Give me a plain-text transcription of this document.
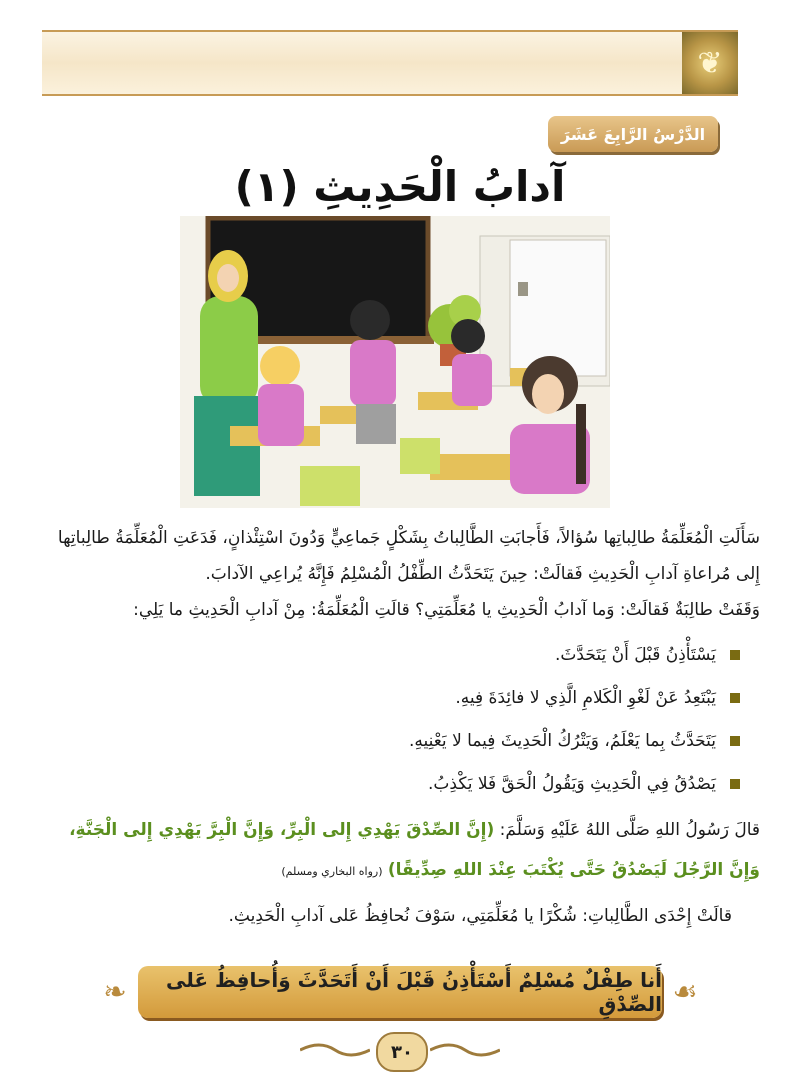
❦
الدَّرْسُ الرَّابِعَ عَشَرَ
آدابُ الْحَدِيثِ (١)

سَأَلَتِ الْمُعَلِّمَةُ طالِباتِها سُؤالاً، فَأَجابَتِ الطَّالِباتُ بِشَكْلٍ جَماعِيٍّ وَدُونَ اسْتِئْذانٍ، فَدَعَتِ الْمُعَلِّمَةُ طالِباتِها إِلى مُراعاةِ آدابِ الْحَدِيثِ فَقالَتْ: حِينَ يَتَحَدَّثُ الطِّفْلُ الْمُسْلِمُ فَإِنَّهُ يُراعِي الآدابَ.

وَقَفَتْ طالِبَةٌ فَقالَتْ: وَما آدابُ الْحَدِيثِ يا مُعَلِّمَتِي؟ قالَتِ الْمُعَلِّمَةُ: مِنْ آدابِ الْحَدِيثِ ما يَلِي:

يَسْتَأْذِنُ قَبْلَ أَنْ يَتَحَدَّثَ.
يَبْتَعِدُ عَنْ لَغْوِ الْكَلامِ الَّذِي لا فائِدَةَ فِيهِ.
يَتَحَدَّثُ بِما يَعْلَمُ، وَيَتْرُكُ الْحَدِيثَ فِيما لا يَعْنِيهِ.
يَصْدُقُ فِي الْحَدِيثِ وَيَقُولُ الْحَقَّ فَلا يَكْذِبُ.
قالَ رَسُولُ اللهِ صَلَّى اللهُ عَلَيْهِ وَسَلَّمَ: (إِنَّ الصِّدْقَ يَهْدِي إِلى الْبِرِّ، وَإِنَّ الْبِرَّ يَهْدِي إِلى الْجَنَّةِ، وَإِنَّ الرَّجُلَ لَيَصْدُقُ حَتَّى يُكْتَبَ عِنْدَ اللهِ صِدِّيقًا) (رواه البخاري ومسلم)
قالَتْ إِحْدَى الطَّالِباتِ: شُكْرًا يا مُعَلِّمَتِي، سَوْفَ نُحافِظُ عَلى آدابِ الْحَدِيثِ.
❧	أَنا طِفْلٌ مُسْلِمٌ أَسْتَأْذِنُ قَبْلَ أَنْ أَتَحَدَّثَ وَأُحافِظُ عَلى الصِّدْقِ ☙
٣٠
